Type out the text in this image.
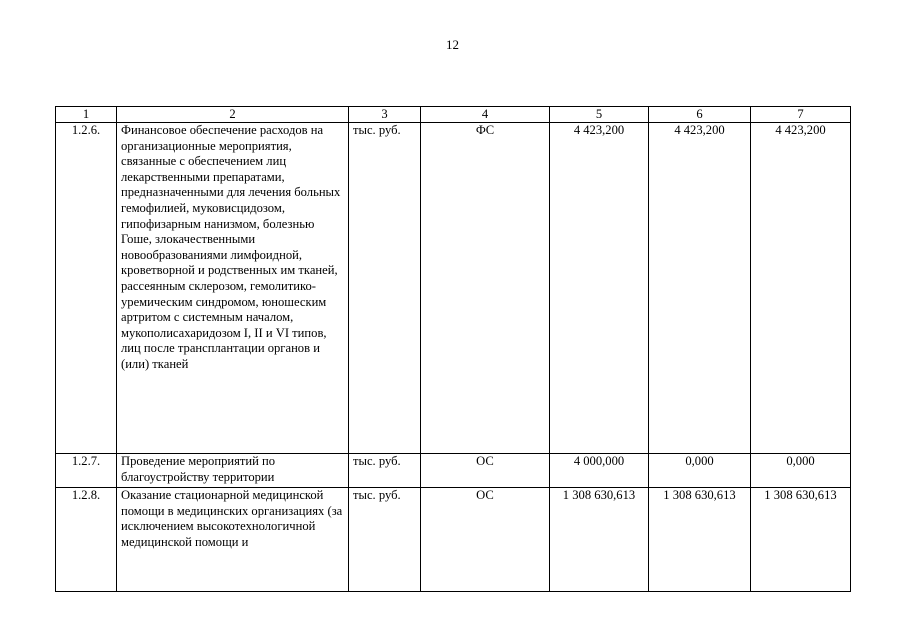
12
1	2	3	4	5	6	7
1.2.6.	Финансовое обеспечение расходов на организационные мероприятия, связанные с обеспечением лиц лекарственными препаратами, предназначенными для лечения больных гемофилией, муковисцидозом, гипофизарным нанизмом, болезнью Гоше, злокачественными новообразованиями лимфоидной, кроветворной и родственных им тканей, рассеянным склерозом, гемолитико-уремическим синдромом, юношеским артритом с системным началом, мукополисахаридозом I, II и VI типов, лиц после трансплантации органов и (или) тканей	тыс. руб.	ФС	4 423,200	4 423,200	4 423,200
1.2.7.	Проведение мероприятий по благоустройству территории	тыс. руб.	ОС	4 000,000	0,000	0,000
1.2.8.	Оказание стационарной медицинской помощи в медицинских организациях (за исключением высокотехнологичной медицинской помощи и	тыс. руб.	ОС	1 308 630,613	1 308 630,613	1 308 630,613
